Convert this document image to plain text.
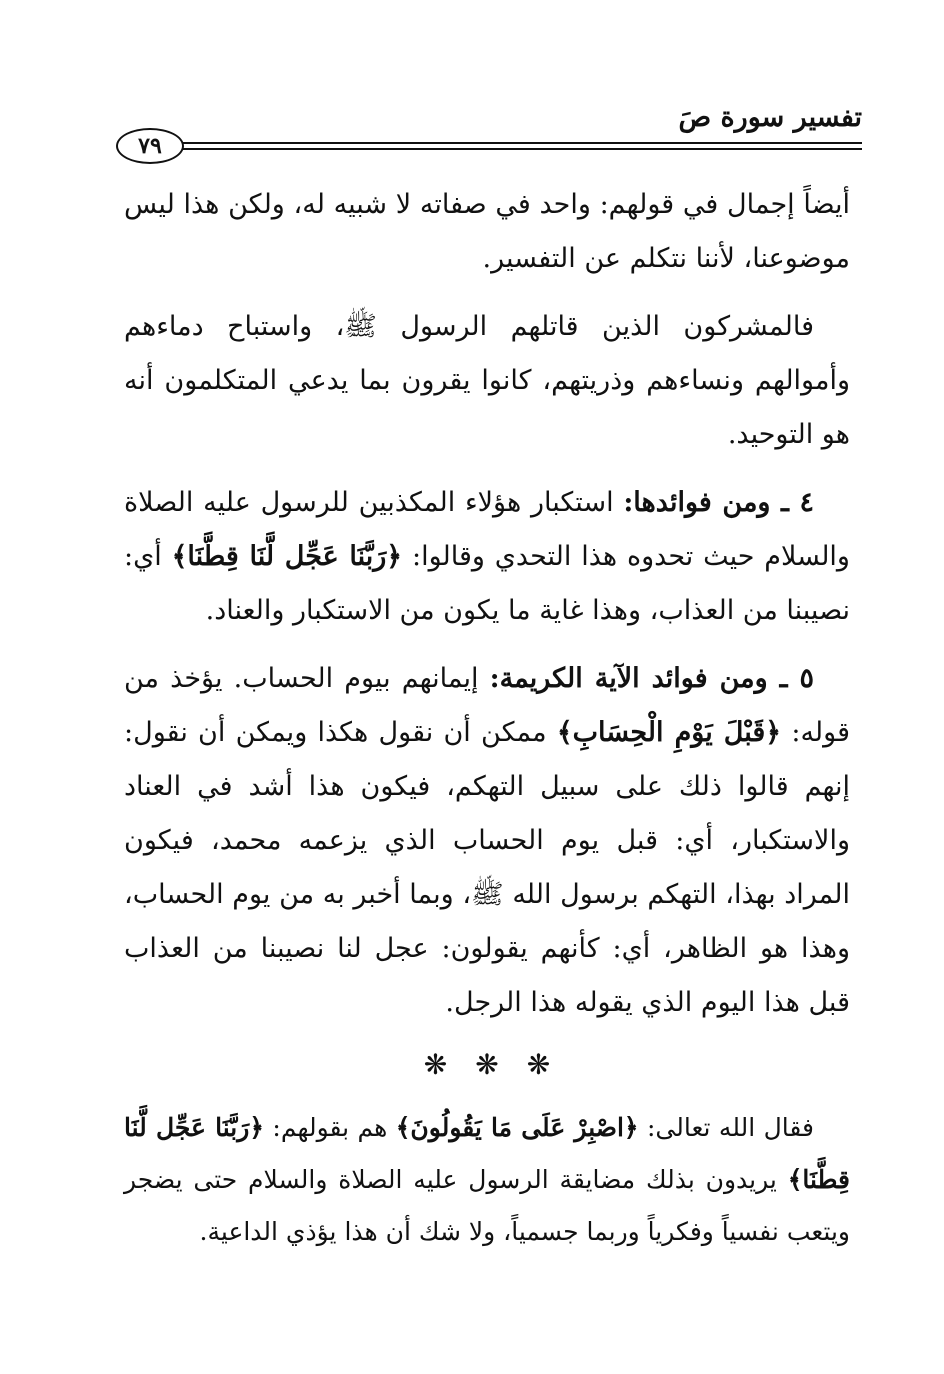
تفسير سورة صَ
٧٩

أيضاً إجمال في قولهم: واحد في صفاته لا شبيه له، ولكن هذا ليس موضوعنا، لأننا نتكلم عن التفسير.

فالمشركون الذين قاتلهم الرسول ﷺ، واستباح دماءهم وأموالهم ونساءهم وذريتهم، كانوا يقرون بما يدعي المتكلمون أنه هو التوحيد.

٤ ـ ومن فوائدها: استكبار هؤلاء المكذبين للرسول عليه الصلاة والسلام حيث تحدوه هذا التحدي وقالوا: ﴿رَبَّنَا عَجِّل لَّنَا قِطَّنَا﴾ أي: نصيبنا من العذاب، وهذا غاية ما يكون من الاستكبار والعناد.

٥ ـ ومن فوائد الآية الكريمة: إيمانهم بيوم الحساب. يؤخذ من قوله: ﴿قَبْلَ يَوْمِ الْحِسَابِ﴾ ممكن أن نقول هكذا ويمكن أن نقول: إنهم قالوا ذلك على سبيل التهكم، فيكون هذا أشد في العناد والاستكبار، أي: قبل يوم الحساب الذي يزعمه محمد، فيكون المراد بهذا، التهكم برسول الله ﷺ، وبما أخبر به من يوم الحساب، وهذا هو الظاهر، أي: كأنهم يقولون: عجل لنا نصيبنا من العذاب قبل هذا اليوم الذي يقوله هذا الرجل.

❋❋❋

فقال الله تعالى: ﴿اصْبِرْ عَلَى مَا يَقُولُونَ﴾ هم بقولهم: ﴿رَبَّنَا عَجِّل لَّنَا قِطَّنَا﴾ يريدون بذلك مضايقة الرسول عليه الصلاة والسلام حتى يضجر ويتعب نفسياً وفكرياً وربما جسمياً، ولا شك أن هذا يؤذي الداعية.
